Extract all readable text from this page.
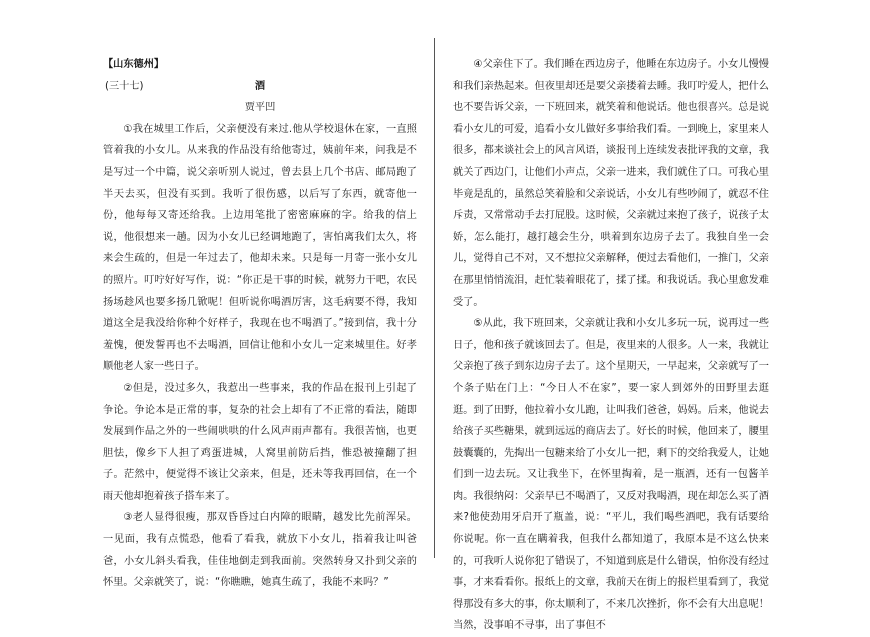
【山东德州】
(三十七)	酒
贾平凹

①我在城里工作后，父亲便没有来过.他从学校退休在家，一直照管着我的小女儿。从来我的作品没有给他寄过，姨前年来，问我是不是写过一个中篇，说父亲听别人说过，曾去县上几个书店、邮局跑了半天去买，但没有买到。我听了很伤感，以后写了东西，就寄他一份，他每每又寄还给我。上边用笔批了密密麻麻的字。给我的信上说，他很想来一趟。因为小女儿已经调地跑了，害怕离我们太久，将来会生疏的，但是一年过去了，他却未来。只是每一月寄一张小女儿的照片。叮咛好好写作，说：“你正是干事的时候，就努力干吧，农民扬场趁风也要多扬几锨呢！但听说你喝酒厉害，这毛病要不得，我知道这全是我没给你种个好样子，我现在也不喝酒了。”接到信，我十分羞愧，便发誓再也不去喝酒，回信让他和小女儿一定来城里住。好孝顺他老人家一些日子。

②但是，没过多久，我惹出一些事来，我的作品在报刊上引起了争论。争论本是正常的事，复杂的社会上却有了不正常的看法，随即发展到作品之外的一些闹哄哄的什么风声雨声都有。我很苦恼，也更胆怯，像乡下人担了鸡蛋进城，人窝里前防后挡，惟恐被撞翻了担子。茫然中，便觉得不该让父亲来，但是，还未等我再回信，在一个雨天他却抱着孩子搭车来了。

③老人显得很瘦，那双昏昏过白内障的眼睛，越发比先前浑呆。一见面，我有点慌恐，他看了看我，就放下小女儿，指着我让叫爸爸，小女儿斜头看我，佳佳地倒走到我面前。突然转身又扑到父亲的怀里。父亲就笑了，说：“你瞧瞧，她真生疏了，我能不来吗？”

④父亲住下了。我们睡在西边房子，他睡在东边房子。小女儿慢慢和我们亲热起来。但夜里却还是要父亲搂着去睡。我叮咛爱人，把什么也不要告诉父亲，一下班回来，就笑着和他说话。他也很喜兴。总是说看小女儿的可爱，追看小女儿做好多事给我们看。一到晚上，家里来人很多，都来谈社会上的风言风语，谈报刊上连续发表批评我的文章，我就关了西边门，让他们小声点，父亲一进来，我们就住了口。可我心里毕竟是乱的，虽然总笑着脸和父亲说话，小女儿有些吵闹了，就忍不住斥责，又常常动手去打屁股。这时候，父亲就过来抱了孩子，说孩子太娇，怎么能打，越打越会生分，哄着到东边房子去了。我独自坐一会儿，觉得自己不对，又不想拉父亲解释，便过去看他们，一推门，父亲在那里悄悄流泪，赶忙装着眼花了，揉了揉。和我说话。我心里愈发难受了。

⑤从此，我下班回来，父亲就让我和小女儿多玩一玩，说再过一些日子，他和孩子就该回去了。但是，夜里来的人很多。人一来，我就让父亲抱了孩子到东边房子去了。这个星期天，一早起来，父亲就写了一个条子贴在门上：“今日人不在家”，要一家人到郊外的田野里去逛逛。到了田野，他拉着小女儿跑，让叫我们爸爸，妈妈。后来，他说去给孩子买些糖果，就到远远的商店去了。好长的时候，他回来了，腰里鼓囊囊的，先掏出一包糖来给了小女儿一把，剩下的交给我爱人，让她们到一边去玩。又让我坐下，在怀里掏着，是一瓶酒，还有一包酱羊肉。我很纳闷：父亲早已不喝酒了，又反对我喝酒，现在却怎么买了酒来?他使劲用牙启开了瓶盖，说：“平儿，我们喝些酒吧，我有话要给你说呢。你一直在瞒着我，但我什么都知道了，我原本是不这么快来的，可我听人说你犯了错误了，不知道到底是什么错误，怕你没有经过事，才来看看你。报纸上的文章，我前天在街上的报栏里看到了，我觉得那没有多大的事，你太顺利了，不来几次挫折，你不会有大出息呢！当然，没事咱不寻事，出了事但不
